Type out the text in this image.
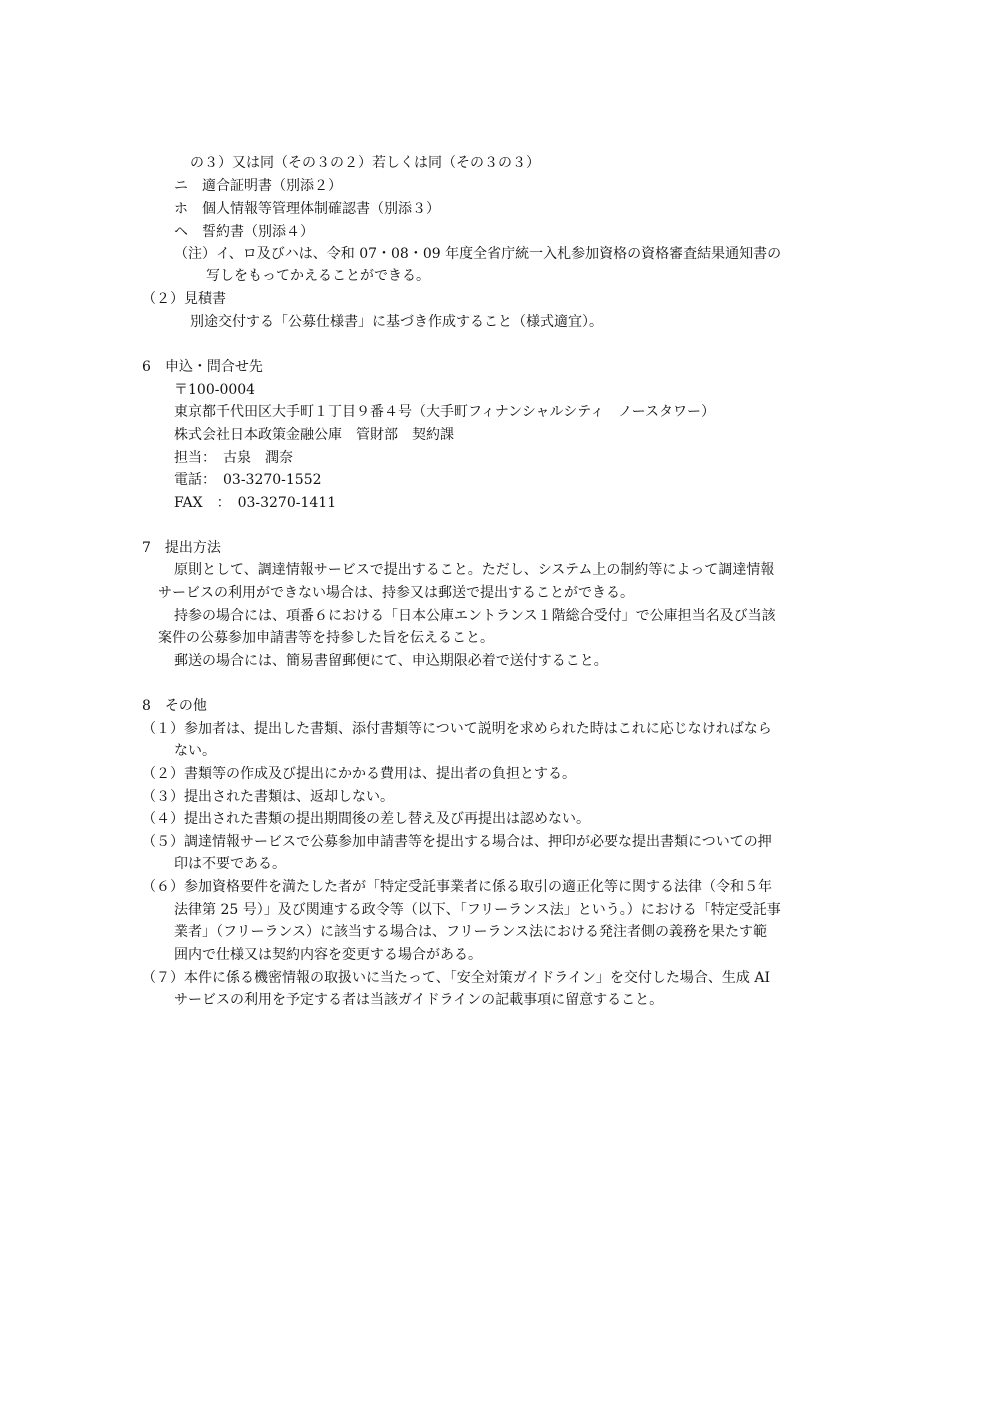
の３）又は同（その３の２）若しくは同（その３の３）
ニ　適合証明書（別添２）
ホ　個人情報等管理体制確認書（別添３）
ヘ　誓約書（別添４）
（注）イ、ロ及びハは、令和 07・08・09 年度全省庁統一入札参加資格の資格審査結果通知書の
写しをもってかえることができる。
（２）見積書
別途交付する「公募仕様書」に基づき作成すること（様式適宜）。
6　申込・問合せ先
〒100-0004
東京都千代田区大手町１丁目９番４号（大手町フィナンシャルシティ　ノースタワー）
株式会社日本政策金融公庫　管財部　契約課
担当：　古泉　潤奈
電話：　03-3270-1552
FAX　：　03-3270-1411
7　提出方法
原則として、調達情報サービスで提出すること。ただし、システム上の制約等によって調達情報
サービスの利用ができない場合は、持参又は郵送で提出することができる。
持参の場合には、項番６における「日本公庫エントランス１階総合受付」で公庫担当名及び当該
案件の公募参加申請書等を持参した旨を伝えること。
郵送の場合には、簡易書留郵便にて、申込期限必着で送付すること。
8　その他
（１）参加者は、提出した書類、添付書類等について説明を求められた時はこれに応じなければなら
ない。
（２）書類等の作成及び提出にかかる費用は、提出者の負担とする。
（３）提出された書類は、返却しない。
（４）提出された書類の提出期間後の差し替え及び再提出は認めない。
（５）調達情報サービスで公募参加申請書等を提出する場合は、押印が必要な提出書類についての押
印は不要である。
（６）参加資格要件を満たした者が「特定受託事業者に係る取引の適正化等に関する法律（令和５年
法律第 25 号）」及び関連する政令等（以下、「フリーランス法」という。）における「特定受託事
業者」（フリーランス）に該当する場合は、フリーランス法における発注者側の義務を果たす範
囲内で仕様又は契約内容を変更する場合がある。
（７）本件に係る機密情報の取扱いに当たって、「安全対策ガイドライン」を交付した場合、生成 AI
サービスの利用を予定する者は当該ガイドラインの記載事項に留意すること。
